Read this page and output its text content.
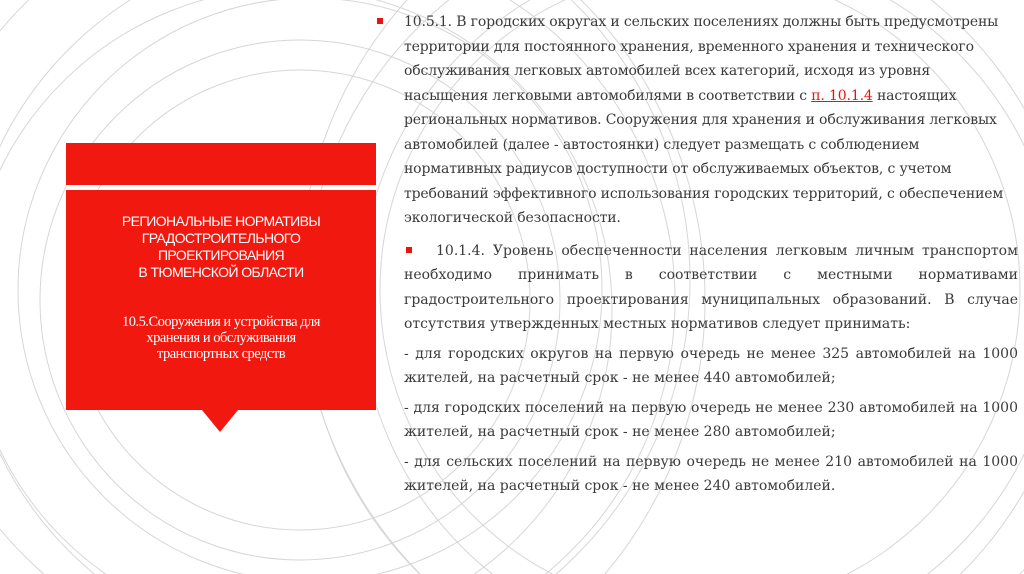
РЕГИОНАЛЬНЫЕ НОРМАТИВЫ
ГРАДОСТРОИТЕЛЬНОГО
ПРОЕКТИРОВАНИЯ
В ТЮМЕНСКОЙ ОБЛАСТИ
10.5.Сооружения и устройства для
хранения и обслуживания
транспортных средств

10.5.1. В городских округах и сельских поселениях должны быть предусмотрены территории для постоянного хранения, временного хранения и технического обслуживания легковых автомобилей всех категорий, исходя из уровня насыщения легковыми автомобилями в соответствии с п. 10.1.4 настоящих региональных нормативов. Сооружения для хранения и обслуживания легковых автомобилей (далее - автостоянки) следует размещать с соблюдением нормативных радиусов доступности от обслуживаемых объектов, с учетом требований эффективного использования городских территорий, с обеспечением экологической безопасности.

10.1.4. Уровень обеспеченности населения легковым личным транспортом необходимо принимать в соответствии с местными нормативами градостроительного проектирования муниципальных образований. В случае отсутствия утвержденных местных нормативов следует принимать:

- для городских округов на первую очередь не менее 325 автомобилей на 1000 жителей, на расчетный срок - не менее 440 автомобилей;

- для городских поселений на первую очередь не менее 230 автомобилей на 1000 жителей, на расчетный срок - не менее 280 автомобилей;

- для сельских поселений на первую очередь не менее 210 автомобилей на 1000 жителей, на расчетный срок - не менее 240 автомобилей.
